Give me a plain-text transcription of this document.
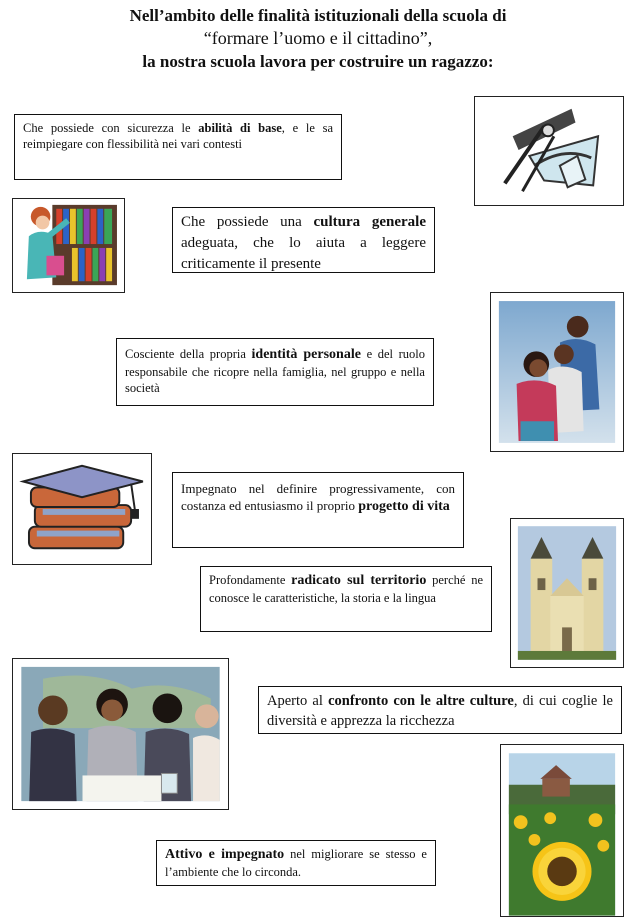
Nell’ambito delle finalità istituzionali della scuola di
“formare l’uomo e il cittadino”,
la nostra scuola lavora per costruire un ragazzo:
Che possiede con sicurezza le abilità di base, e le sa reimpiegare con flessibilità nei vari contesti
Che possiede una cultura generale adeguata, che lo aiuta a leggere criticamente il presente
Cosciente della propria identità personale e del ruolo responsabile che ricopre nella famiglia, nel gruppo e nella società
Impegnato nel definire progressivamente, con costanza ed entusiasmo il proprio progetto di vita
Profondamente radicato sul territorio perché ne conosce le caratteristiche, la storia e la lingua
Aperto al confronto con le altre culture, di cui coglie le diversità e apprezza la ricchezza
Attivo e impegnato nel migliorare se stesso e l’ambiente che lo circonda.
